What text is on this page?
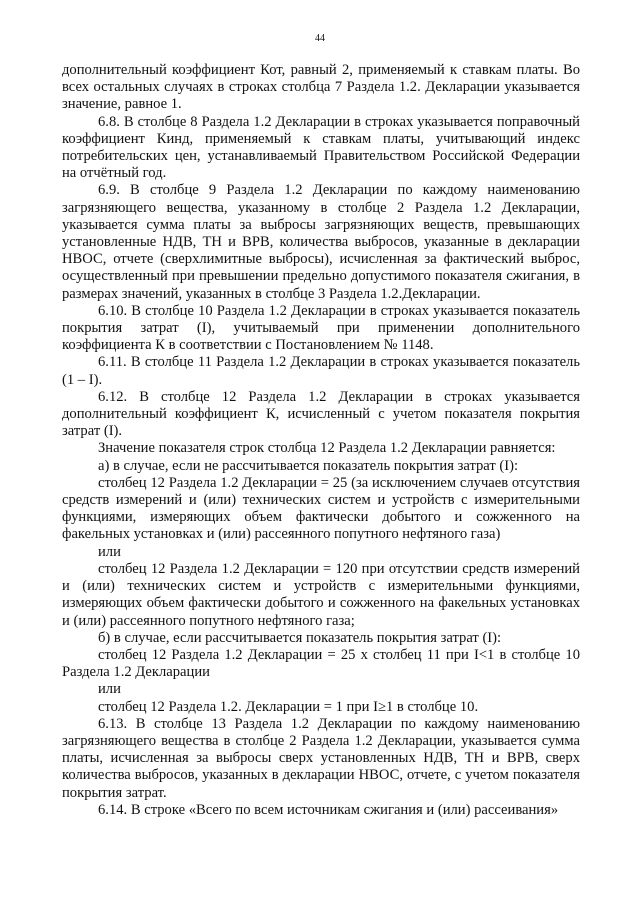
44

дополнительный коэффициент Кот, равный 2, применяемый к ставкам платы. Во всех остальных случаях в строках столбца 7 Раздела 1.2. Декларации указывается значение, равное 1.

6.8. В столбце 8 Раздела 1.2 Декларации в строках указывается поправочный коэффициент Кинд, применяемый к ставкам платы, учитывающий индекс потребительских цен, устанавливаемый Правительством Российской Федерации на отчётный год.

6.9. В столбце 9 Раздела 1.2 Декларации по каждому наименованию загрязняющего вещества, указанному в столбце 2 Раздела 1.2 Декларации, указывается сумма платы за выбросы загрязняющих веществ, превышающих установленные НДВ, ТН и ВРВ, количества выбросов, указанные в декларации НВОС, отчете (сверхлимитные выбросы), исчисленная за фактический выброс, осуществленный при превышении предельно допустимого показателя сжигания, в размерах значений, указанных в столбце 3 Раздела 1.2.Декларации.

6.10. В столбце 10 Раздела 1.2 Декларации в строках указывается показатель покрытия затрат (I), учитываемый при применении дополнительного коэффициента К в соответствии с Постановлением № 1148.

6.11. В столбце 11 Раздела 1.2 Декларации в строках указывается показатель (1 – I).

6.12. В столбце 12 Раздела 1.2 Декларации в строках указывается дополнительный коэффициент К, исчисленный с учетом показателя покрытия затрат (I).

Значение показателя строк столбца 12 Раздела 1.2 Декларации равняется:

а) в случае, если не рассчитывается показатель покрытия затрат (I):

столбец 12 Раздела 1.2 Декларации = 25 (за исключением случаев отсутствия средств измерений и (или) технических систем и устройств с измерительными функциями, измеряющих объем фактически добытого и сожженного на факельных установках и (или) рассеянного попутного нефтяного газа)

или

столбец 12 Раздела 1.2 Декларации = 120 при отсутствии средств измерений и (или) технических систем и устройств с измерительными функциями, измеряющих объем фактически добытого и сожженного на факельных установках и (или) рассеянного попутного нефтяного газа;

б) в случае, если рассчитывается показатель покрытия затрат (I):

столбец 12 Раздела 1.2 Декларации = 25 х столбец 11 при I<1 в столбце 10 Раздела 1.2 Декларации

или

столбец 12 Раздела 1.2. Декларации = 1 при I≥1 в столбце 10.

6.13. В столбце 13 Раздела 1.2 Декларации по каждому наименованию загрязняющего вещества в столбце 2 Раздела 1.2 Декларации, указывается сумма платы, исчисленная за выбросы сверх установленных НДВ, ТН и ВРВ, сверх количества выбросов, указанных в декларации НВОС, отчете, с учетом показателя покрытия затрат.

6.14. В строке «Всего по всем источникам сжигания и (или) рассеивания»
